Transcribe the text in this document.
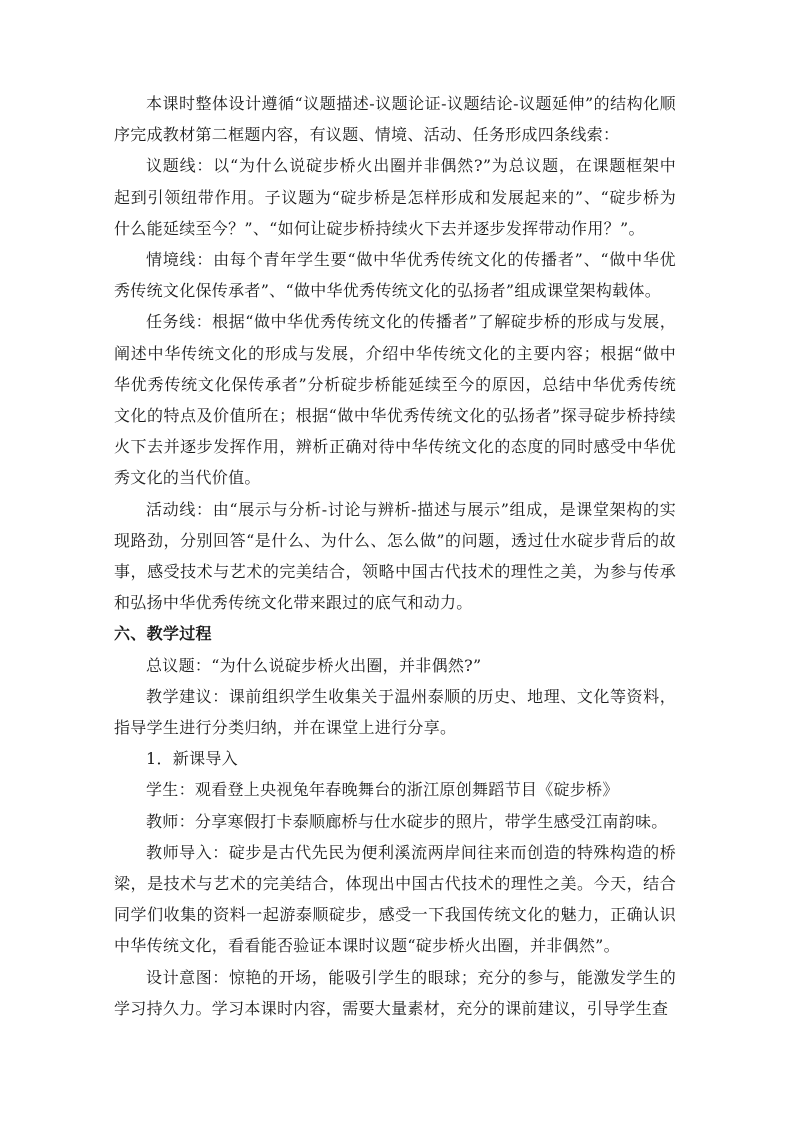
本课时整体设计遵循“议题描述-议题论证-议题结论-议题延伸”的结构化顺序完成教材第二框题内容，有议题、情境、活动、任务形成四条线索：

议题线：以“为什么说碇步桥火出圈并非偶然?”为总议题，在课题框架中起到引领纽带作用。子议题为“碇步桥是怎样形成和发展起来的”、“碇步桥为什么能延续至今？”、“如何让碇步桥持续火下去并逐步发挥带动作用？”。

情境线：由每个青年学生要“做中华优秀传统文化的传播者”、“做中华优秀传统文化保传承者”、“做中华优秀传统文化的弘扬者”组成课堂架构载体。

任务线：根据“做中华优秀传统文化的传播者”了解碇步桥的形成与发展，阐述中华传统文化的形成与发展，介绍中华传统文化的主要内容；根据“做中华优秀传统文化保传承者”分析碇步桥能延续至今的原因，总结中华优秀传统文化的特点及价值所在；根据“做中华优秀传统文化的弘扬者”探寻碇步桥持续火下去并逐步发挥作用，辨析正确对待中华传统文化的态度的同时感受中华优秀文化的当代价值。

活动线：由“展示与分析-讨论与辨析-描述与展示”组成，是课堂架构的实现路劲，分别回答“是什么、为什么、怎么做”的问题，透过仕水碇步背后的故事，感受技术与艺术的完美结合，领略中国古代技术的理性之美，为参与传承和弘扬中华优秀传统文化带来跟过的底气和动力。

六、教学过程

总议题：“为什么说碇步桥火出圈，并非偶然?”

教学建议：课前组织学生收集关于温州泰顺的历史、地理、文化等资料，指导学生进行分类归纳，并在课堂上进行分享。

1．新课导入

学生：观看登上央视兔年春晚舞台的浙江原创舞蹈节目《碇步桥》

教师：分享寒假打卡泰顺廊桥与仕水碇步的照片，带学生感受江南韵味。

教师导入：碇步是古代先民为便利溪流两岸间往来而创造的特殊构造的桥梁，是技术与艺术的完美结合，体现出中国古代技术的理性之美。今天，结合同学们收集的资料一起游泰顺碇步，感受一下我国传统文化的魅力，正确认识中华传统文化，看看能否验证本课时议题“碇步桥火出圈，并非偶然”。

设计意图：惊艳的开场，能吸引学生的眼球；充分的参与，能激发学生的学习持久力。学习本课时内容，需要大量素材，充分的课前建议，引导学生查
